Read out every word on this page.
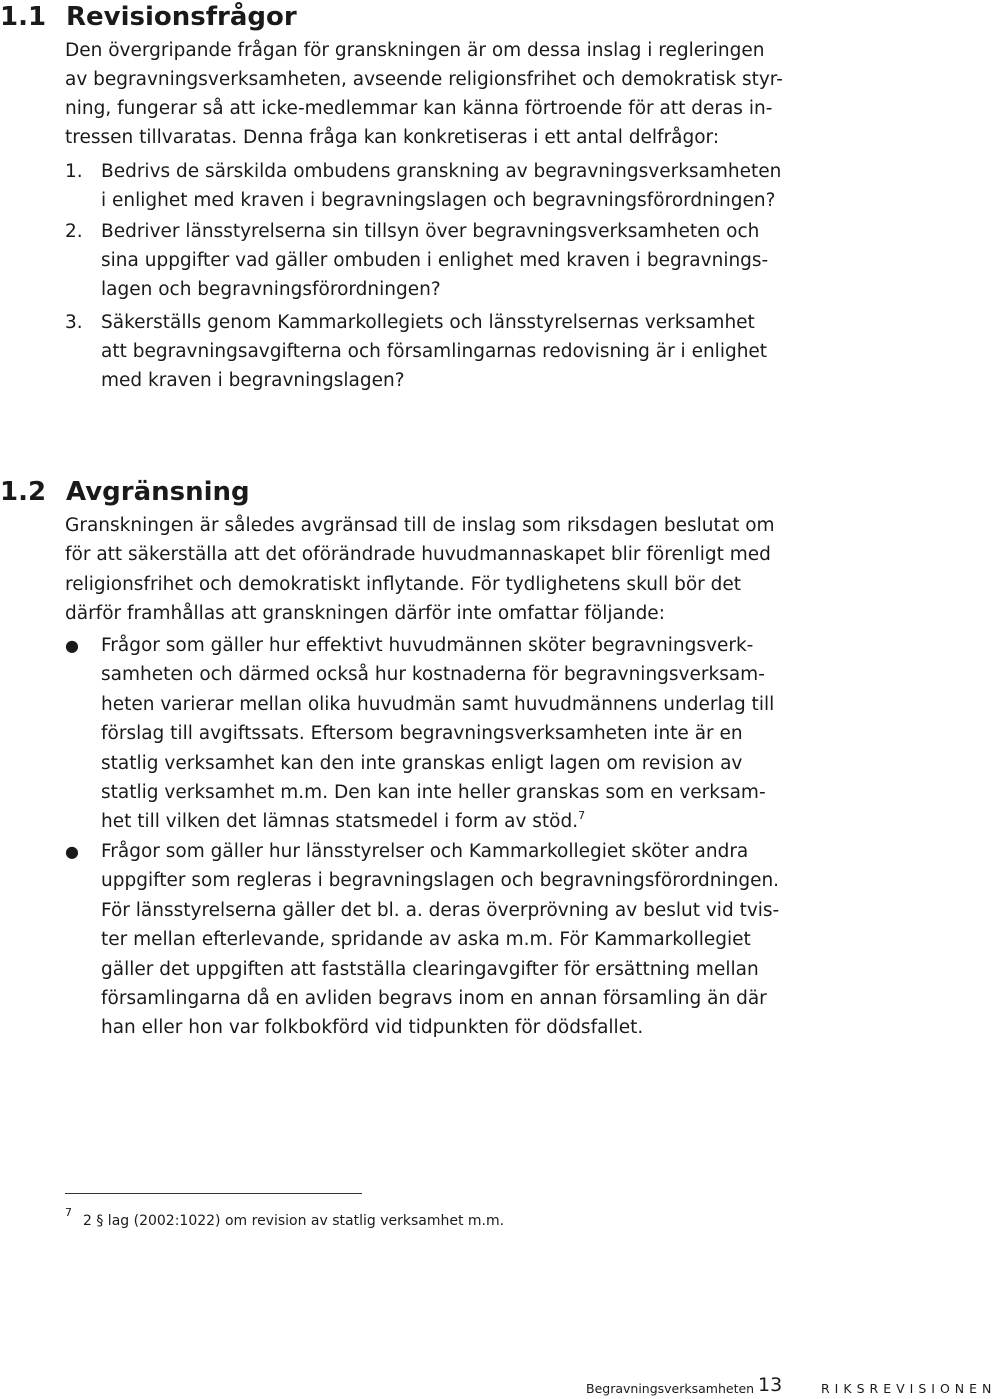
1.1 Revisionsfrågor
Den övergripande frågan för granskningen är om dessa inslag i regleringen
av begravningsverksamheten, avseende religionsfrihet och demokratisk styr-
ning, fungerar så att icke-medlemmar kan känna förtroende för att deras in-
tressen tillvaratas. Denna fråga kan konkretiseras i ett antal delfrågor:
1. Bedrivs de särskilda ombudens granskning av begravningsverksamheten
i enlighet med kraven i begravningslagen och begravningsförordningen?
2. Bedriver länsstyrelserna sin tillsyn över begravningsverksamheten och
sina uppgifter vad gäller ombuden i enlighet med kraven i begravnings-
lagen och begravningsförordningen?
3. Säkerställs genom Kammarkollegiets och länsstyrelsernas verksamhet
att begravningsavgifterna och församlingarnas redovisning är i enlighet
med kraven i begravningslagen?
1.2 Avgränsning
Granskningen är således avgränsad till de inslag som riksdagen beslutat om
för att säkerställa att det oförändrade huvudmannaskapet blir förenligt med
religionsfrihet och demokratiskt inflytande. För tydlighetens skull bör det
därför framhållas att granskningen därför inte omfattar följande:
● Frågor som gäller hur effektivt huvudmännen sköter begravningsverk-
samheten och därmed också hur kostnaderna för begravningsverksam-
heten varierar mellan olika huvudmän samt huvudmännens underlag till
förslag till avgiftssats. Eftersom begravningsverksamheten inte är en
statlig verksamhet kan den inte granskas enligt lagen om revision av
statlig verksamhet m.m. Den kan inte heller granskas som en verksam-
het till vilken det lämnas statsmedel i form av stöd.$^7$
● Frågor som gäller hur länsstyrelser och Kammarkollegiet sköter andra
uppgifter som regleras i begravningslagen och begravningsförordningen.
För länsstyrelserna gäller det bl. a. deras överprövning av beslut vid tvis-
ter mellan efterlevande, spridande av aska m.m. För Kammarkollegiet
gäller det uppgiften att fastställa clearingavgifter för ersättning mellan
församlingarna då en avliden begravs inom en annan församling än där
han eller hon var folkbokförd vid tidpunkten för dödsfallet.
7
2 § lag (2002:1022) om revision av statlig verksamhet m.m.
Begravningsverksamheten 13	RIKSREVISIONEN
